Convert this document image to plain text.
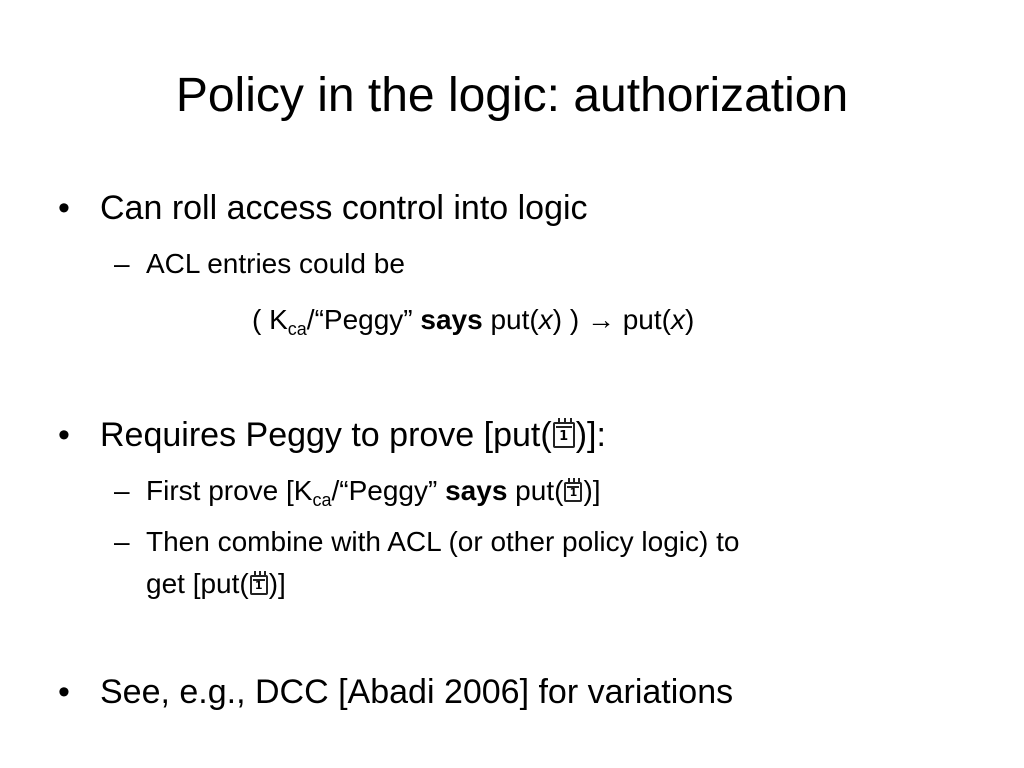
Policy in the logic: authorization
• Can roll access control into logic
– ACL entries could be
( $K_{ca}/“Peggy$” says put(x) ) → put(x)
• Requires Peggy to prove [put( 1 )]:
– First prove [$K_{ca}/“Peggy$” says put( 1 )]
– Then combine with ACL (or other policy logic) to
get [put( 1 )]
• See, e.g., DCC [Abadi 2006] for variations
